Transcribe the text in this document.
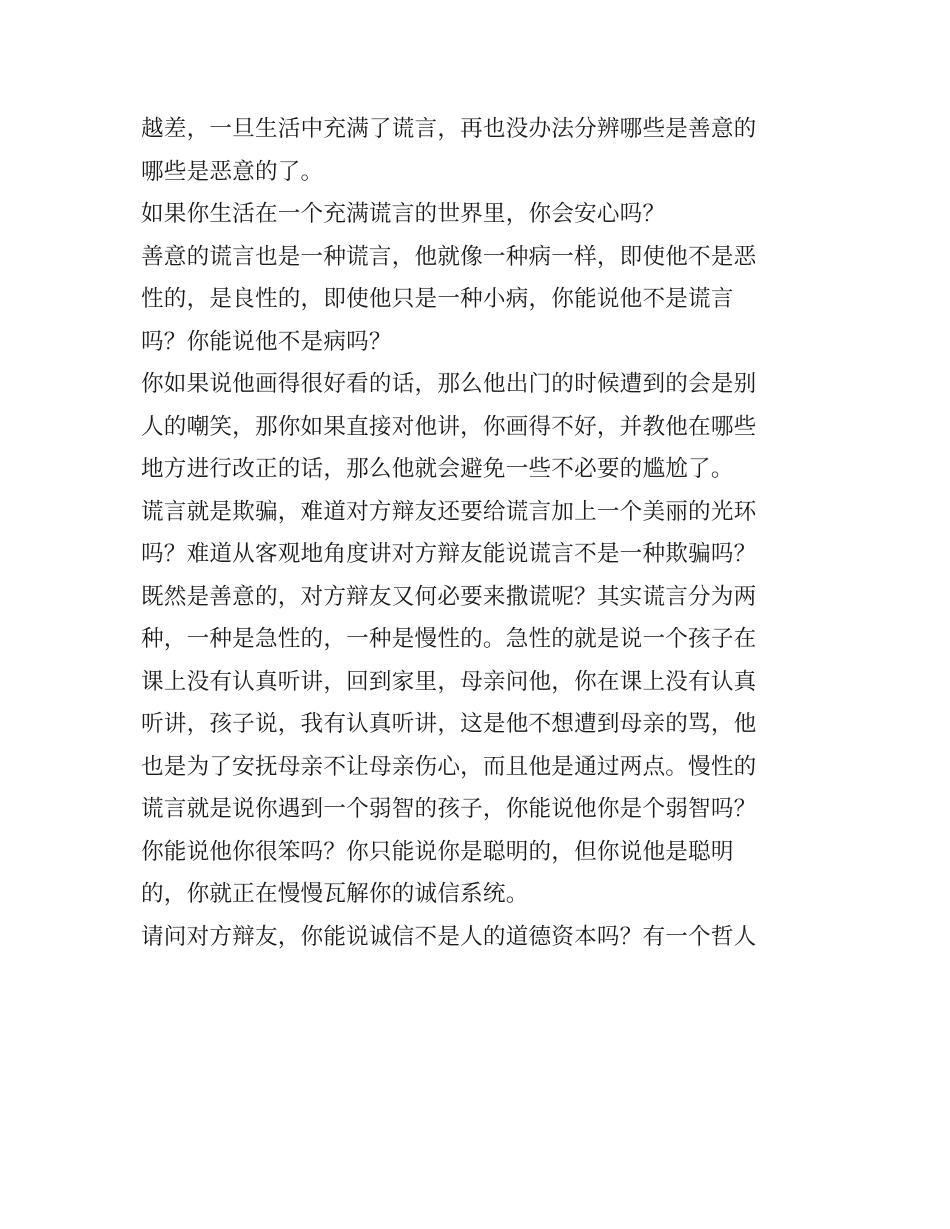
越差，一旦生活中充满了谎言，再也没办法分辨哪些是善意的
哪些是恶意的了。
如果你生活在一个充满谎言的世界里，你会安心吗？
善意的谎言也是一种谎言，他就像一种病一样，即使他不是恶
性的，是良性的，即使他只是一种小病，你能说他不是谎言
吗？你能说他不是病吗？
你如果说他画得很好看的话，那么他出门的时候遭到的会是别
人的嘲笑，那你如果直接对他讲，你画得不好，并教他在哪些
地方进行改正的话，那么他就会避免一些不必要的尴尬了。
谎言就是欺骗，难道对方辩友还要给谎言加上一个美丽的光环
吗？难道从客观地角度讲对方辩友能说谎言不是一种欺骗吗？
既然是善意的，对方辩友又何必要来撒谎呢？其实谎言分为两
种，一种是急性的，一种是慢性的。急性的就是说一个孩子在
课上没有认真听讲，回到家里，母亲问他，你在课上没有认真
听讲，孩子说，我有认真听讲，这是他不想遭到母亲的骂，他
也是为了安抚母亲不让母亲伤心，而且他是通过两点。慢性的
谎言就是说你遇到一个弱智的孩子，你能说他你是个弱智吗？
你能说他你很笨吗？你只能说你是聪明的，但你说他是聪明
的，你就正在慢慢瓦解你的诚信系统。
请问对方辩友，你能说诚信不是人的道德资本吗？有一个哲人
